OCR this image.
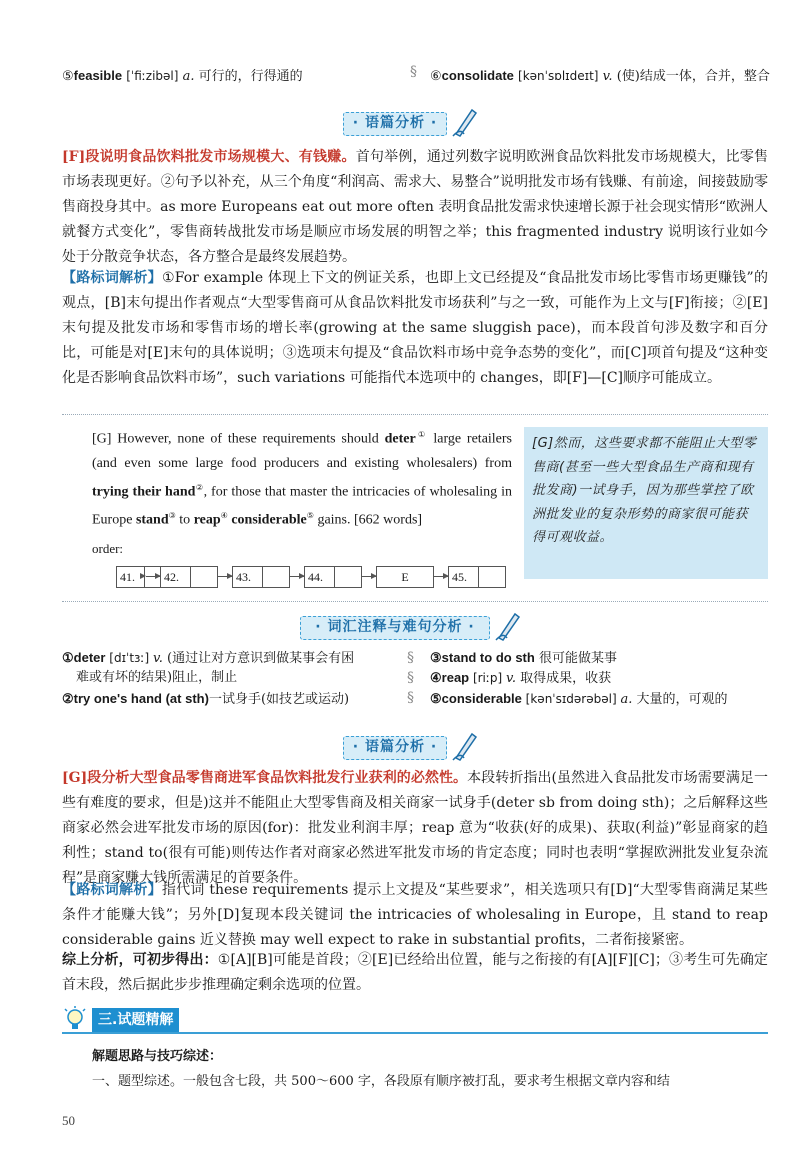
⑤feasible [ˈfiːzibəl] a. 可行的，行得通的	§ ⑥consolidate [kənˈsɒlɪdeɪt] v. (使)结成一体，合并，整合
· 语篇分析 ·
[F]段说明食品饮料批发市场规模大、有钱赚。首句举例，通过列数字说明欧洲食品饮料批发市场规模大，比零售市场表现更好。②句予以补充，从三个角度“利润高、需求大、易整合”说明批发市场有钱赚、有前途，间接鼓励零售商投身其中。as more Europeans eat out more often 表明食品批发需求快速增长源于社会现实情形“欧洲人就餐方式变化”，零售商转战批发市场是顺应市场发展的明智之举；this fragmented industry 说明该行业如今处于分散竞争状态，各方整合是最终发展趋势。
【路标词解析】①For example 体现上下文的例证关系，也即上文已经提及“食品批发市场比零售市场更赚钱”的观点，[B]末句提出作者观点“大型零售商可从食品饮料批发市场获利”与之一致，可能作为上文与[F]衔接；②[E]末句提及批发市场和零售市场的增长率(growing at the same sluggish pace)，而本段首句涉及数字和百分比，可能是对[E]末句的具体说明；③选项末句提及“食品饮料市场中竞争态势的变化”，而[C]项首句提及“这种变化是否影响食品饮料市场”，such variations 可能指代本选项中的 changes，即[F]—[C]顺序可能成立。
[G] However, none of these requirements should deter① large retailers (and even some large food producers and existing wholesalers) from trying their hand②, for those that master the intricacies of wholesaling in Europe stand③ to reap④ considerable⑤ gains. [662 words]
[G]然而，这些要求都不能阻止大型零售商(甚至一些大型食品生产商和现有批发商)一试身手，因为那些掌控了欧洲批发业的复杂形势的商家很可能获得可观收益。
order:
41.	42.	43.	44.	E	45.
· 词汇注释与难句分析 ·
①deter [dɪˈtɜː] v. (通过让对方意识到做某事会有困
难或有坏的结果)阻止，制止
②try one's hand (at sth)一试身手(如技艺或运动)
§
§
§
③stand to do sth 很可能做某事
④reap [riːp] v. 取得成果，收获
⑤considerable [kənˈsɪdərəbəl] a. 大量的，可观的
· 语篇分析 ·
[G]段分析大型食品零售商进军食品饮料批发行业获利的必然性。本段转折指出(虽然进入食品批发市场需要满足一些有难度的要求，但是)这并不能阻止大型零售商及相关商家一试身手(deter sb from doing sth)；之后解释这些商家必然会进军批发市场的原因(for)：批发业利润丰厚；reap 意为“收获(好的成果)、获取(利益)”彰显商家的趋利性；stand to(很有可能)则传达作者对商家必然进军批发市场的肯定态度；同时也表明“掌握欧洲批发业复杂流程”是商家赚大钱所需满足的首要条件。
【路标词解析】指代词 these requirements 提示上文提及“某些要求”，相关选项只有[D]“大型零售商满足某些条件才能赚大钱”；另外[D]复现本段关键词 the intricacies of wholesaling in Europe，且 stand to reap considerable gains 近义替换 may well expect to rake in substantial profits，二者衔接紧密。
综上分析，可初步得出：①[A][B]可能是首段；②[E]已经给出位置，能与之衔接的有[A][F][C]；③考生可先确定首末段，然后据此步步推理确定剩余选项的位置。
三.试题精解
解题思路与技巧综述：
一、题型综述。一般包含七段，共 500～600 字，各段原有顺序被打乱，要求考生根据文章内容和结
50
